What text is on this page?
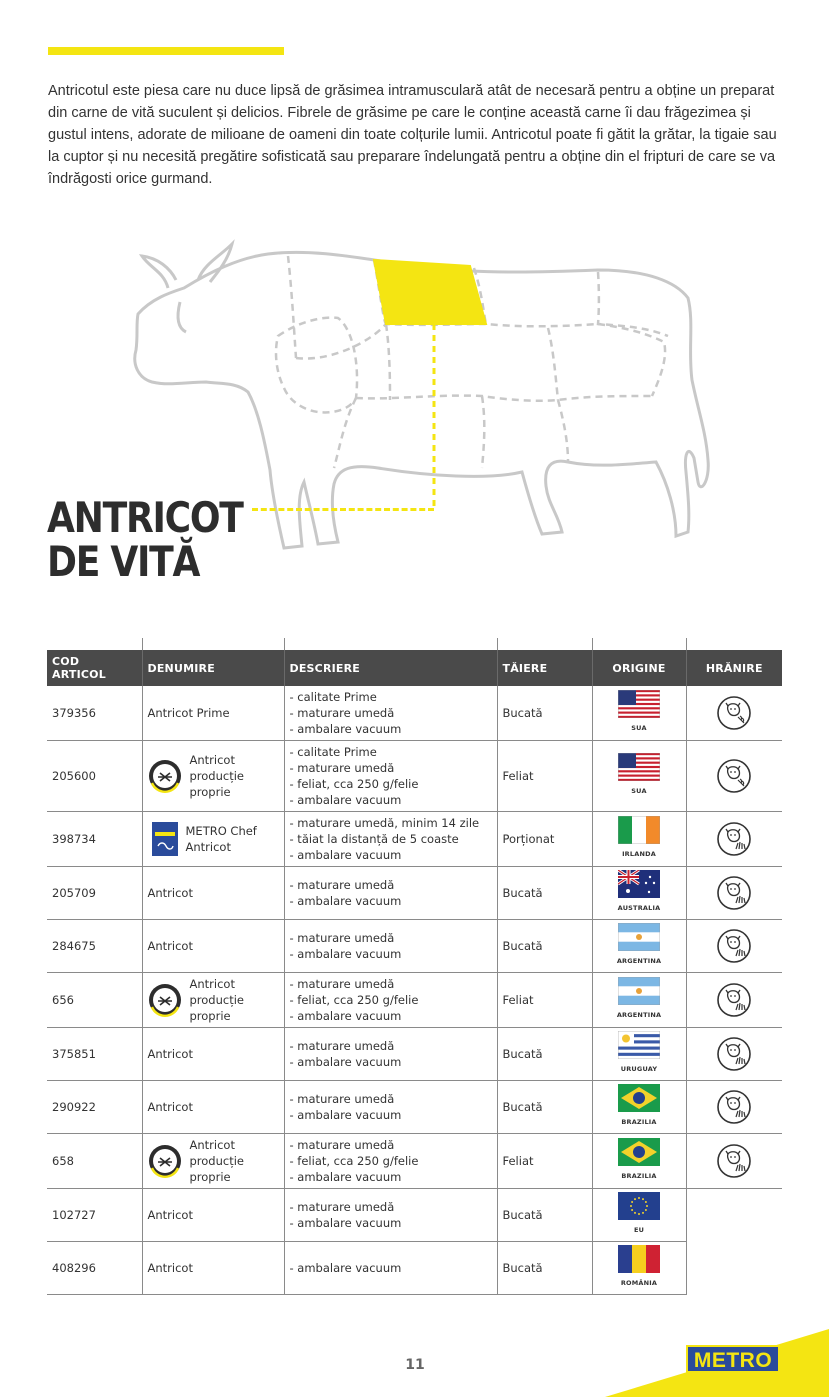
Antricotul este piesa care nu duce lipsă de grăsimea intramusculară atât de necesară pentru a obține un preparat din carne de vită suculent și delicios. Fibrele de grăsime pe care le conține această carne îi dau frăgezimea și gustul intens, adorate de milioane de oameni din toate colțurile lumii. Antricotul poate fi gătit la grătar, la tigaie sau la cuptor și nu necesită pregătire sofisticată sau preparare îndelungată pentru a obține din el fripturi de care se va îndrăgosti orice gurmand.

ANTRICOT
DE VITĂ
COD ARTICOL	DENUMIRE	DESCRIERE	TĂIERE	ORIGINE	HRĂNIRE
379356	Antricot Prime	- calitate Prime
- maturare umedă
- ambalare vacuum	Bucată	SUA

205600	Antricot
producție
proprie	- calitate Prime
- maturare umedă
- feliat, cca 250 g/felie
- ambalare vacuum	Feliat	SUA

398734	METRO Chef
Antricot	- maturare umedă, minim 14 zile
- tăiat la distanță de 5 coaste
- ambalare vacuum	Porționat	IRLANDA

205709	Antricot	- maturare umedă
- ambalare vacuum	Bucată	AUSTRALIA

284675	Antricot	- maturare umedă
- ambalare vacuum	Bucată	ARGENTINA

656	Antricot
producție
proprie	- maturare umedă
- feliat, cca 250 g/felie
- ambalare vacuum	Feliat	ARGENTINA

375851	Antricot	- maturare umedă
- ambalare vacuum	Bucată	URUGUAY

290922	Antricot	- maturare umedă
- ambalare vacuum	Bucată	BRAZILIA

658	Antricot
producție
proprie	- maturare umedă
- feliat, cca 250 g/felie
- ambalare vacuum	Feliat	BRAZILIA

102727	Antricot	- maturare umedă
- ambalare vacuum	Bucată	EU	

408296	Antricot	- ambalare vacuum	Bucată	ROMÂNIA	

11	METRO
